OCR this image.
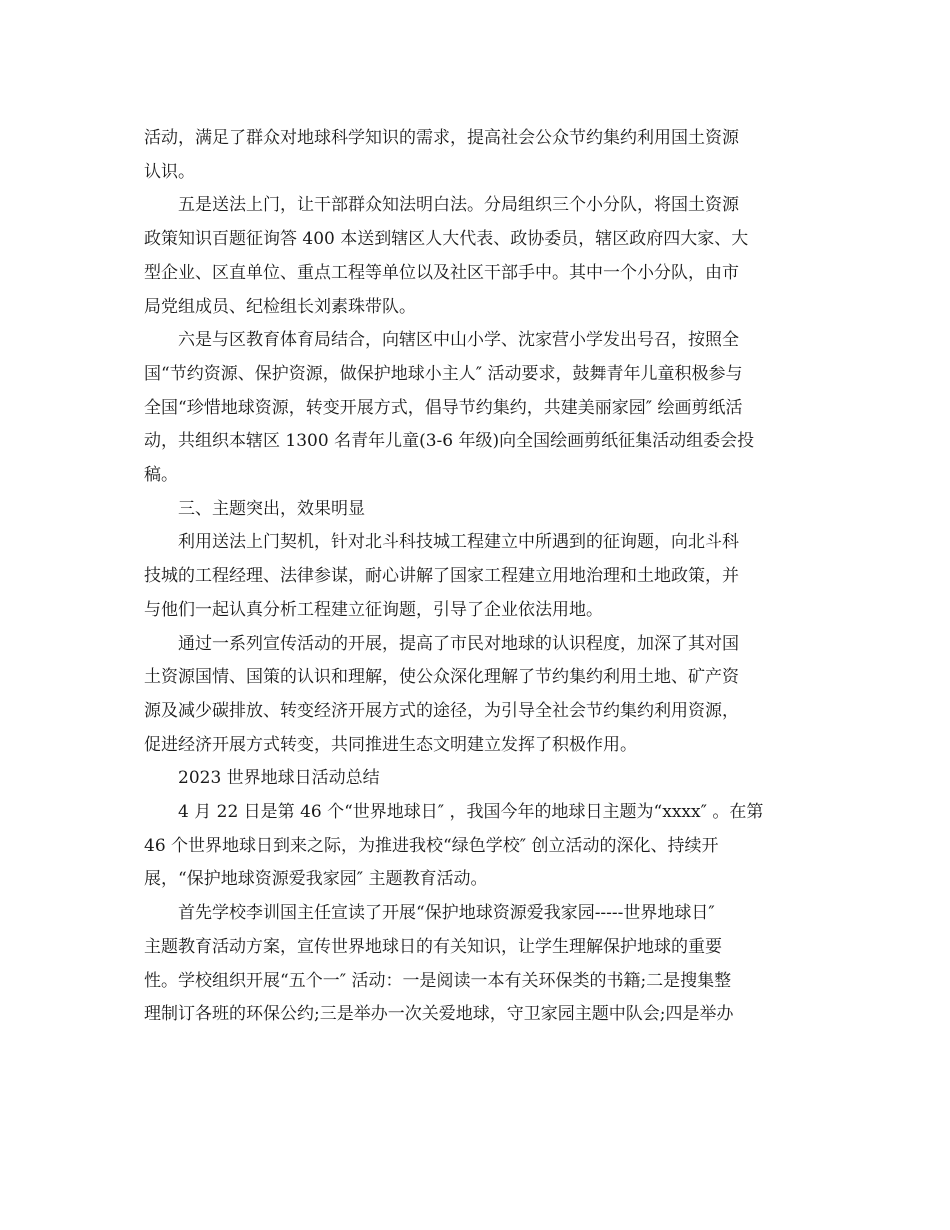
活动，满足了群众对地球科学知识的需求，提高社会公众节约集约利用国土资源
认识。
五是送法上门，让干部群众知法明白法。分局组织三个小分队，将国土资源
政策知识百题征询答 400 本送到辖区人大代表、政协委员，辖区政府四大家、大
型企业、区直单位、重点工程等单位以及社区干部手中。其中一个小分队，由市
局党组成员、纪检组长刘素珠带队。
六是与区教育体育局结合，向辖区中山小学、沈家营小学发出号召，按照全
国“节约资源、保护资源，做保护地球小主人″ 活动要求，鼓舞青年儿童积极参与
全国“珍惜地球资源，转变开展方式，倡导节约集约，共建美丽家园″ 绘画剪纸活
动，共组织本辖区 1300 名青年儿童(3-6 年级)向全国绘画剪纸征集活动组委会投
稿。
三、主题突出，效果明显
利用送法上门契机，针对北斗科技城工程建立中所遇到的征询题，向北斗科
技城的工程经理、法律参谋，耐心讲解了国家工程建立用地治理和土地政策，并
与他们一起认真分析工程建立征询题，引导了企业依法用地。
通过一系列宣传活动的开展，提高了市民对地球的认识程度，加深了其对国
土资源国情、国策的认识和理解，使公众深化理解了节约集约利用土地、矿产资
源及减少碳排放、转变经济开展方式的途径，为引导全社会节约集约利用资源，
促进经济开展方式转变，共同推进生态文明建立发挥了积极作用。
2023 世界地球日活动总结
4 月 22 日是第 46 个“世界地球日″ ，我国今年的地球日主题为“xxxx″ 。在第
46 个世界地球日到来之际，为推进我校“绿色学校″ 创立活动的深化、持续开
展，“保护地球资源爱我家园″ 主题教育活动。
首先学校李训国主任宣读了开展“保护地球资源爱我家园-----世界地球日″
主题教育活动方案，宣传世界地球日的有关知识，让学生理解保护地球的重要
性。学校组织开展“五个一″ 活动：一是阅读一本有关环保类的书籍;二是搜集整
理制订各班的环保公约;三是举办一次关爱地球，守卫家园主题中队会;四是举办
